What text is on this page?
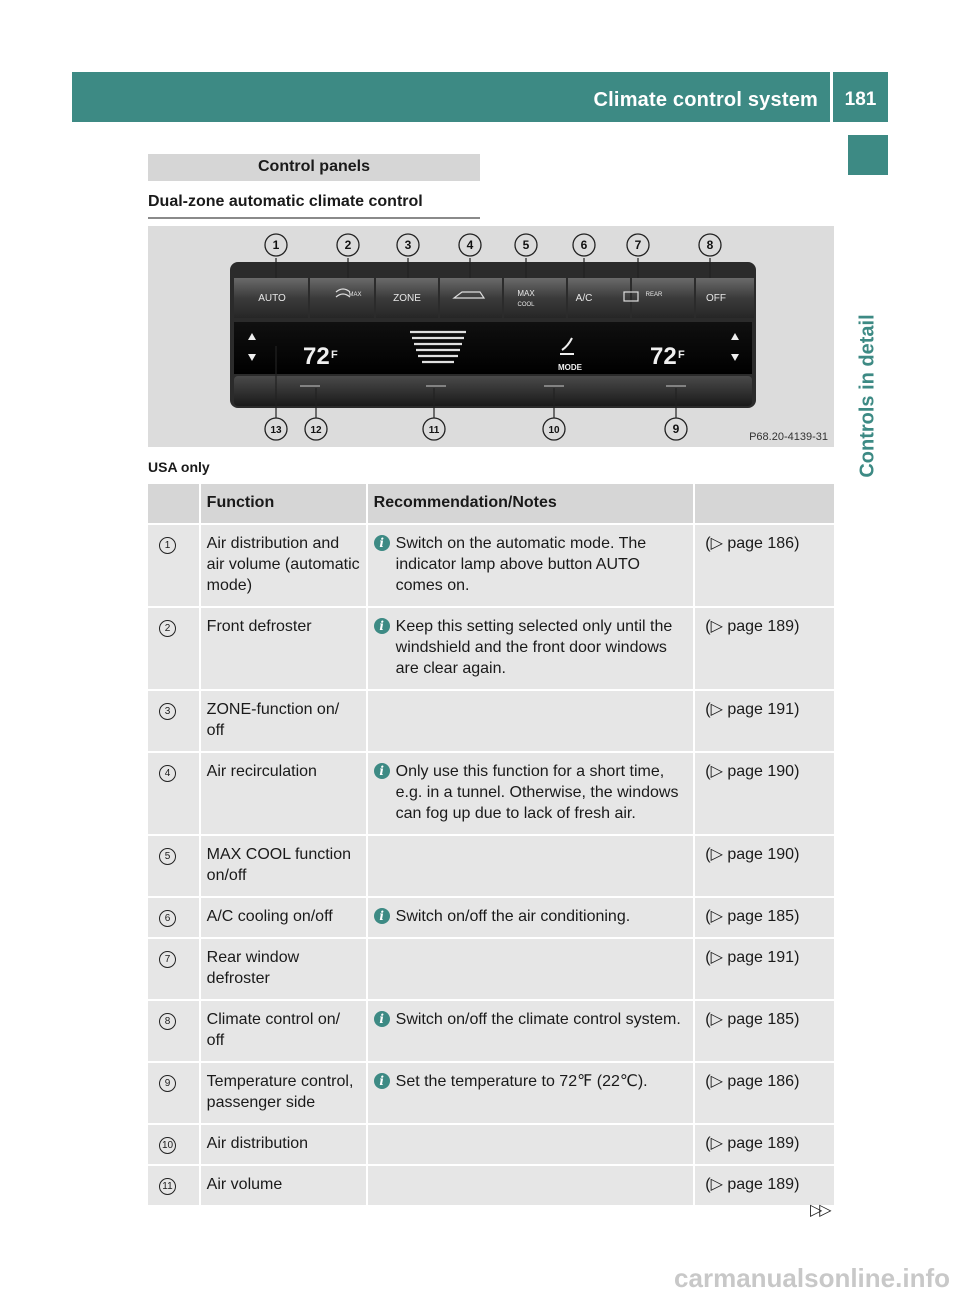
Climate control system	181
Controls in detail
Control panels
Dual-zone automatic climate control
AUTO	MAX	ZONE	MAX
COOL
A/C	REAR	OFF
72 F	72 F
MODE
1	2	3	4	5	6	7	8
13	12	11	10	9
P68.20-4139-31
USA only
	Function	Recommendation/Notes	
1	Air distribution and air volume (automatic mode)	i Switch on the automatic mode. The indicator lamp above button AUTO comes on.	(▷ page 186)
2	Front defroster	i Keep this setting selected only until the windshield and the front door windows are clear again.	(▷ page 189)
3	ZONE-function on/ off		(▷ page 191)
4	Air recirculation	i Only use this function for a short time, e.g. in a tunnel. Otherwise, the windows can fog up due to lack of fresh air.	(▷ page 190)
5	MAX COOL function on/off		(▷ page 190)
6	A/C cooling on/off	i Switch on/off the air conditioning.	(▷ page 185)
7	Rear window defroster		(▷ page 191)
8	Climate control on/ off	i Switch on/off the climate control system.	(▷ page 185)
9	Temperature control, passenger side	i Set the temperature to 72℉ (22℃).	(▷ page 186)
10	Air distribution		(▷ page 189)
11	Air volume		(▷ page 189)
▷▷
carmanualsonline.info
